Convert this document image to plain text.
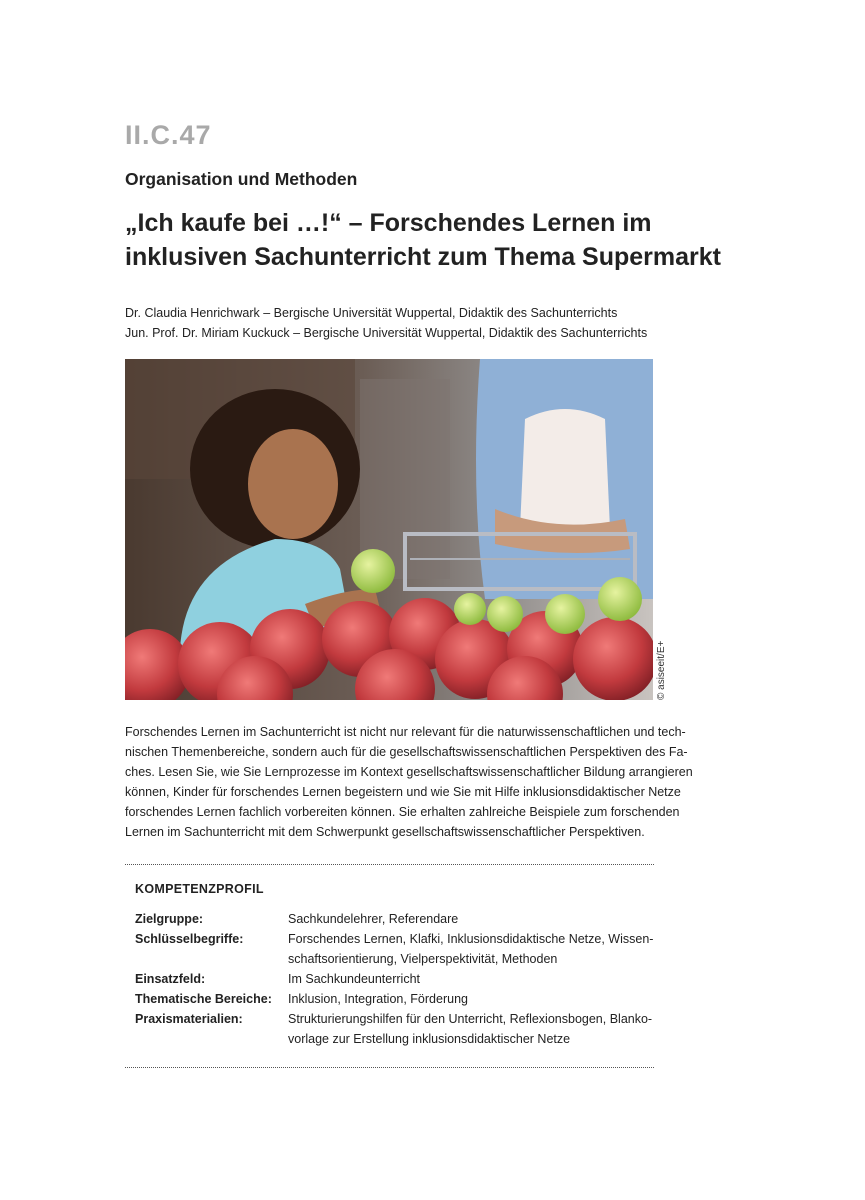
II.C.47
Organisation und Methoden
„Ich kaufe bei …!“ – Forschendes Lernen im
inklusiven Sachunterricht zum Thema Supermarkt
Dr. Claudia Henrichwark – Bergische Universität Wuppertal, Didaktik des Sachunterrichts
Jun. Prof. Dr. Miriam Kuckuck – Bergische Universität Wuppertal, Didaktik des Sachunterrichts
© asiseeit/E+
Forschendes Lernen im Sachunterricht ist nicht nur relevant für die naturwissenschaftlichen und tech-
nischen Themenbereiche, sondern auch für die gesellschaftswissenschaftlichen Perspektiven des Fa-
ches. Lesen Sie, wie Sie Lernprozesse im Kontext gesellschaftswissenschaftlicher Bildung arrangieren
können, Kinder für forschendes Lernen begeistern und wie Sie mit Hilfe inklusionsdidaktischer Netze
forschendes Lernen fachlich vorbereiten können. Sie erhalten zahlreiche Beispiele zum forschenden
Lernen im Sachunterricht mit dem Schwerpunkt gesellschaftswissenschaftlicher Perspektiven.
KOMPETENZPROFIL
Zielgruppe:	Sachkundelehrer, Referendare
Schlüsselbegriffe:	Forschendes Lernen, Klafki, Inklusionsdidaktische Netze, Wissen-
schaftsorientierung, Vielperspektivität, Methoden
Einsatzfeld:	Im Sachkundeunterricht
Thematische Bereiche: Inklusion, Integration, Förderung
Praxismaterialien:	Strukturierungshilfen für den Unterricht, Reflexionsbogen, Blanko-
vorlage zur Erstellung inklusionsdidaktischer Netze
